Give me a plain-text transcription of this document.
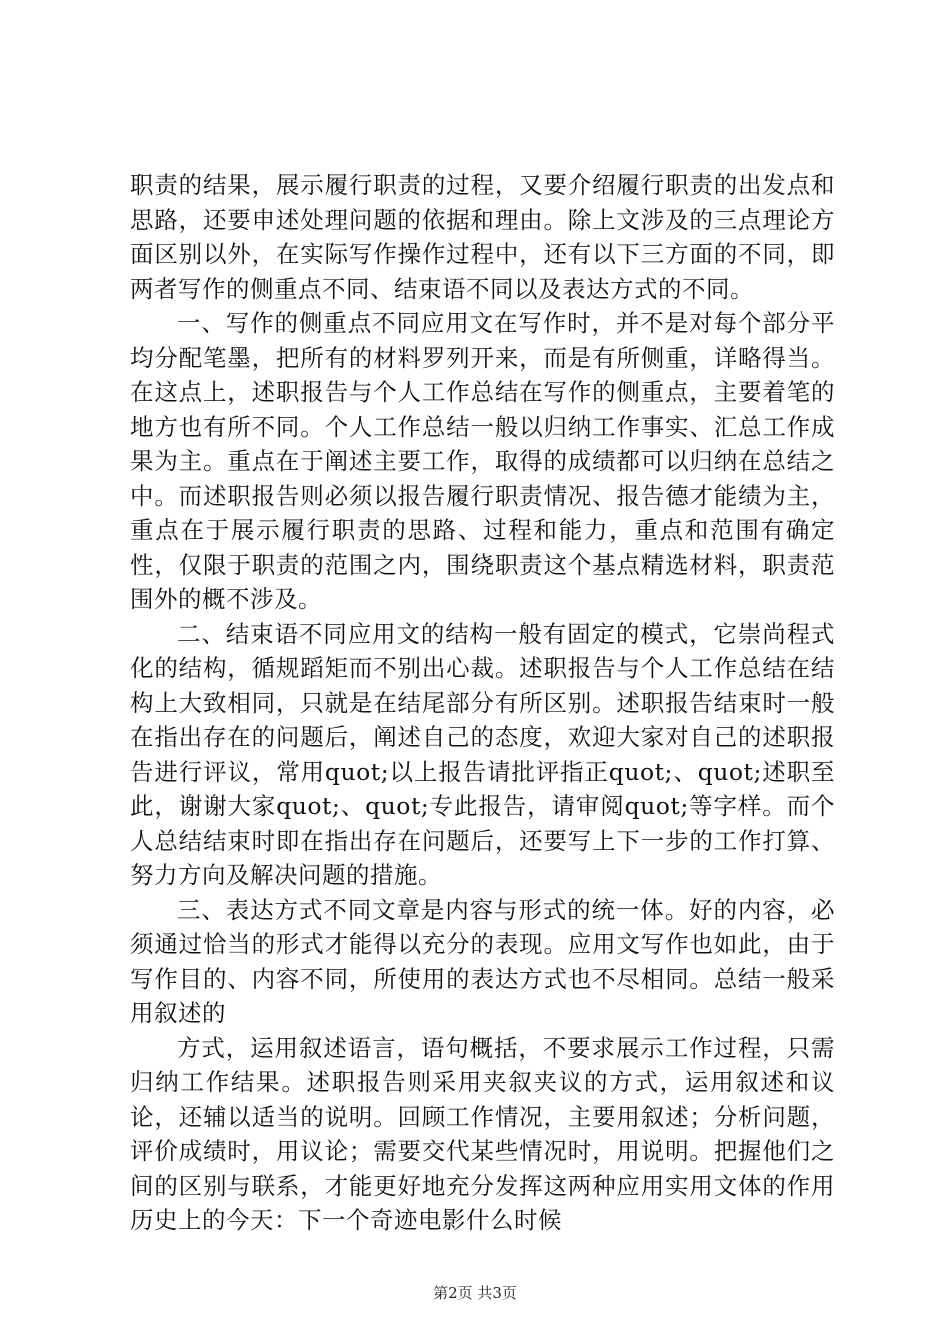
职责的结果，展示履行职责的过程，又要介绍履行职责的出发点和思路，还要申述处理问题的依据和理由。除上文涉及的三点理论方面区别以外，在实际写作操作过程中，还有以下三方面的不同，即两者写作的侧重点不同、结束语不同以及表达方式的不同。

一、写作的侧重点不同应用文在写作时，并不是对每个部分平均分配笔墨，把所有的材料罗列开来，而是有所侧重，详略得当。在这点上，述职报告与个人工作总结在写作的侧重点，主要着笔的地方也有所不同。个人工作总结一般以归纳工作事实、汇总工作成果为主。重点在于阐述主要工作，取得的成绩都可以归纳在总结之中。而述职报告则必须以报告履行职责情况、报告德才能绩为主，重点在于展示履行职责的思路、过程和能力，重点和范围有确定性，仅限于职责的范围之内，围绕职责这个基点精选材料，职责范围外的概不涉及。

二、结束语不同应用文的结构一般有固定的模式，它崇尚程式化的结构，循规蹈矩而不别出心裁。述职报告与个人工作总结在结构上大致相同，只就是在结尾部分有所区别。述职报告结束时一般在指出存在的问题后，阐述自己的态度，欢迎大家对自己的述职报告进行评议，常用quot;以上报告请批评指正quot;、quot;述职至此，谢谢大家quot;、quot;专此报告，请审阅quot;等字样。而个人总结结束时即在指出存在问题后，还要写上下一步的工作打算、努力方向及解决问题的措施。

三、表达方式不同文章是内容与形式的统一体。好的内容，必须通过恰当的形式才能得以充分的表现。应用文写作也如此，由于写作目的、内容不同，所使用的表达方式也不尽相同。总结一般采用叙述的

方式，运用叙述语言，语句概括，不要求展示工作过程，只需归纳工作结果。述职报告则采用夹叙夹议的方式，运用叙述和议论，还辅以适当的说明。回顾工作情况，主要用叙述；分析问题，评价成绩时，用议论；需要交代某些情况时，用说明。把握他们之间的区别与联系，才能更好地充分发挥这两种应用实用文体的作用历史上的今天：下一个奇迹电影什么时候

第2页 共3页
